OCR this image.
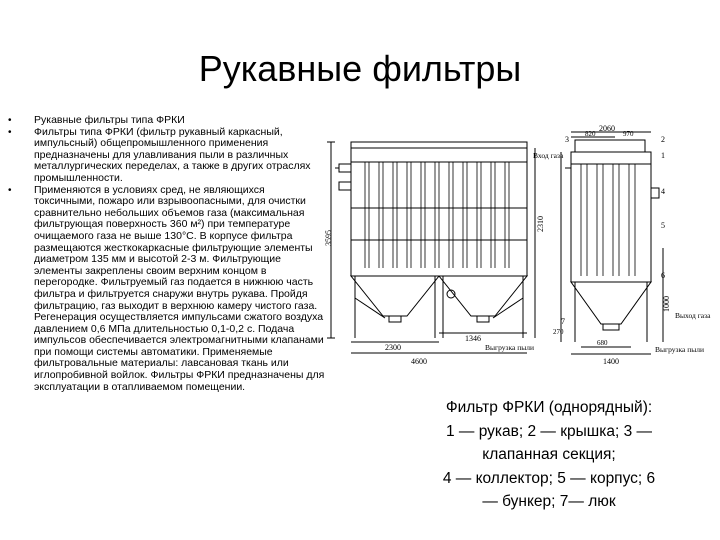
Рукавные фильтры
• Рукавные фильтры типа ФРКИ
• Фильтры типа ФРКИ (фильтр рукавный каркасный, импульсный) общепромышленного применения предназначены для улавливания пыли в различных металлургических переделах, а также в других отраслях промышленности.
• Применяются в условиях сред, не являющихся токсичными, пожаро или взрывоопасными, для очистки сравнительно небольших объемов газа (максимальная фильтрующая поверхность 360 м²) при температуре очищаемого газа не выше 130°С. В корпусе фильтра размещаются жесткокаркасные фильтрующие элементы диаметром 135 мм и высотой 2-3 м. Фильтрующие элементы закреплены своим верхним концом в перегородке. Фильтруемый газ подается в нижнюю часть фильтра и фильтруется снаружи внутрь рукава. Пройдя фильтрацию, газ выходит в верхнюю камеру чистого газа. Регенерация осуществляется импульсами сжатого воздуха давлением 0,6 МПа длительностью 0,1-0,2 с. Подача импульсов обеспечивается электромагнитными клапанами при помощи системы автоматики. Применяемые фильтровальные материалы: лавсановая ткань или иглопробивной войлок. Фильтры ФРКИ предназначены для эксплуатации в отапливаемом помещении.
4600
2300
1346
3595
2310
2060
820	970
1000
1400
680
270
Вход газа
Выход газа
Выгрузка пыли	Выгрузка пыли
1
2
3
4
5
6
7
Фильтр ФРКИ (однорядный):
1 — рукав; 2 — крышка; 3 —
клапанная секция;
4 — коллектор; 5 — корпус; 6
— бункер; 7— люк
